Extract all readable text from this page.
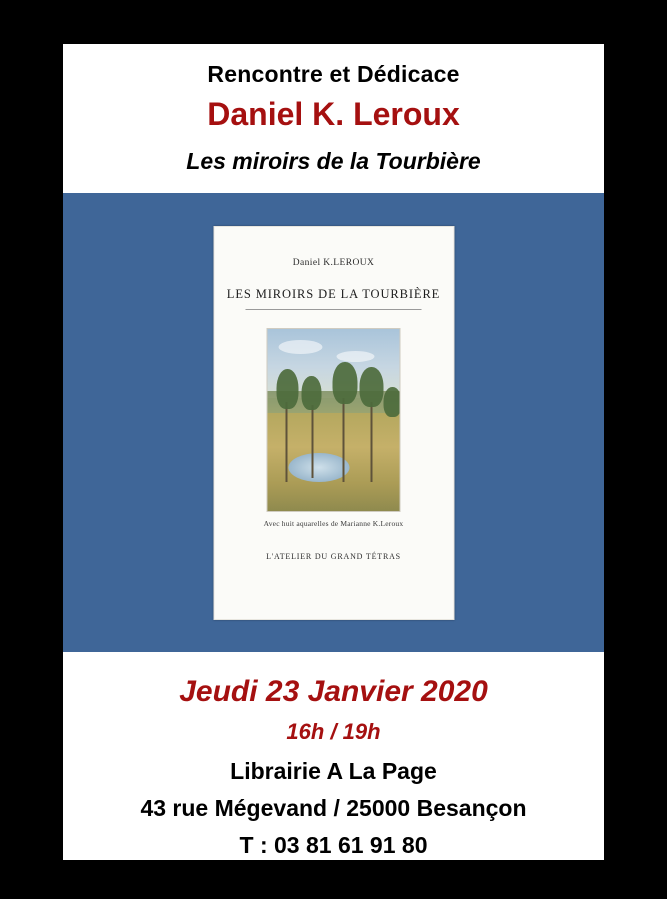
Rencontre et Dédicace
Daniel K. Leroux
Les miroirs de la Tourbière
Daniel K.LEROUX
LES MIROIRS DE LA TOURBIÈRE
Avec huit aquarelles de Marianne K.Leroux
L'ATELIER DU GRAND TÉTRAS
Jeudi 23 Janvier 2020
16h / 19h
Librairie A La Page
43 rue Mégevand / 25000 Besançon
T : 03 81 61 91 80
